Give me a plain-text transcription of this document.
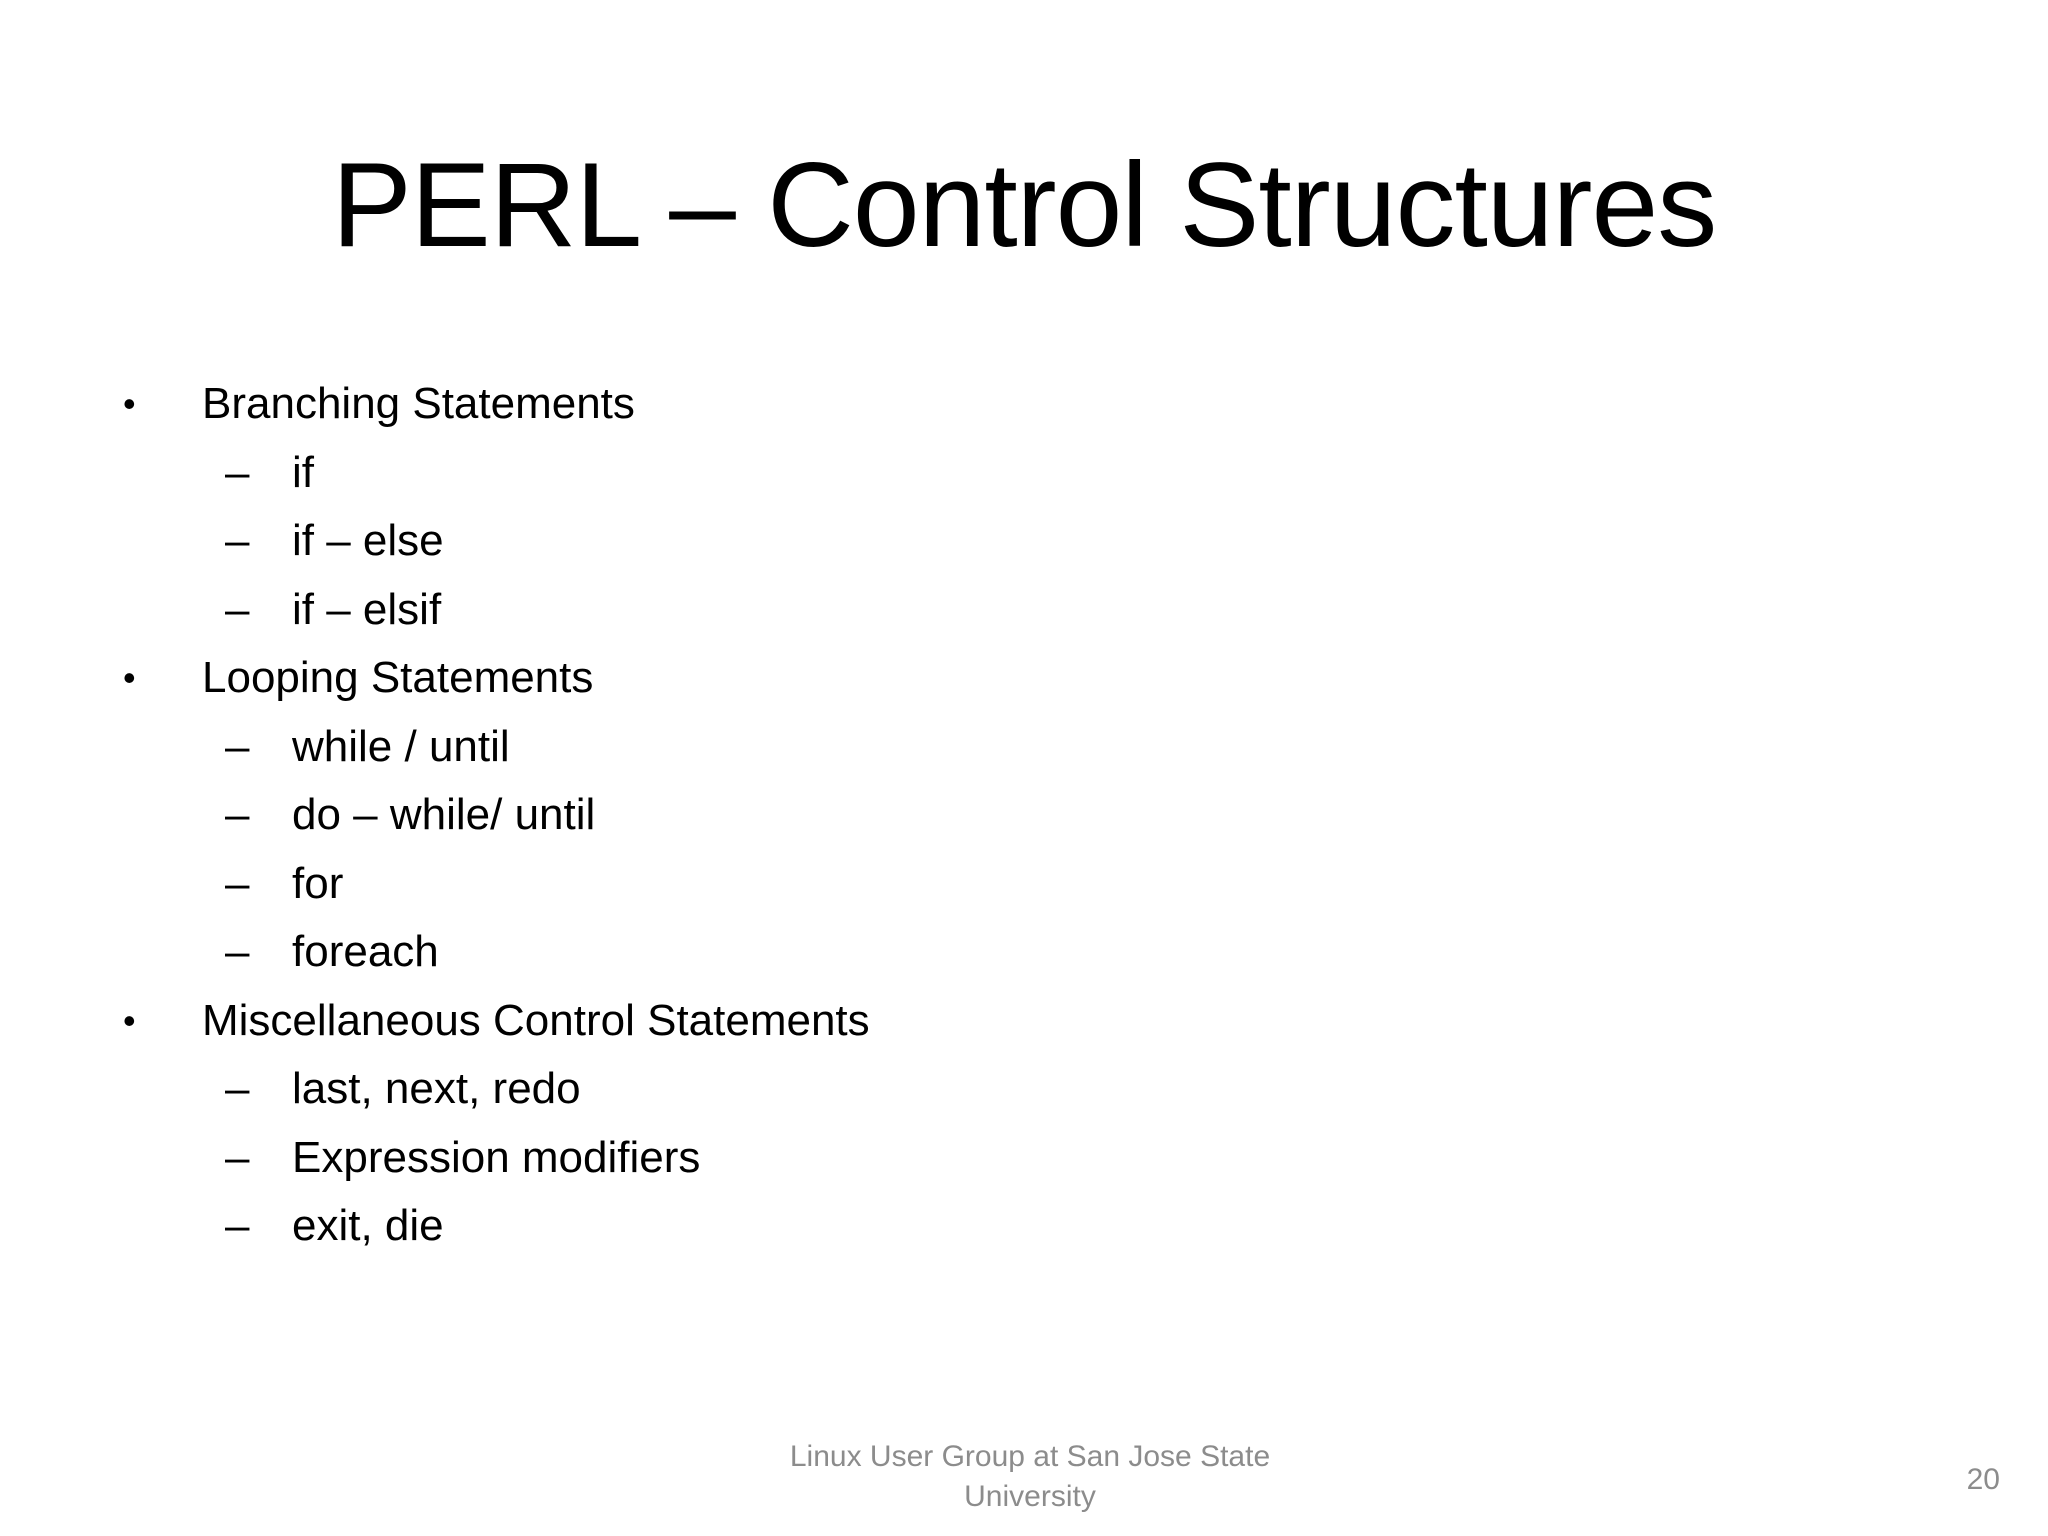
PERL – Control Structures
• Branching Statements
– if
– if – else
– if – elsif
• Looping Statements
– while / until
– do – while/ until
– for
– foreach
• Miscellaneous Control Statements
– last, next, redo
– Expression modifiers
– exit, die
Linux User Group at San Jose State
University
20
